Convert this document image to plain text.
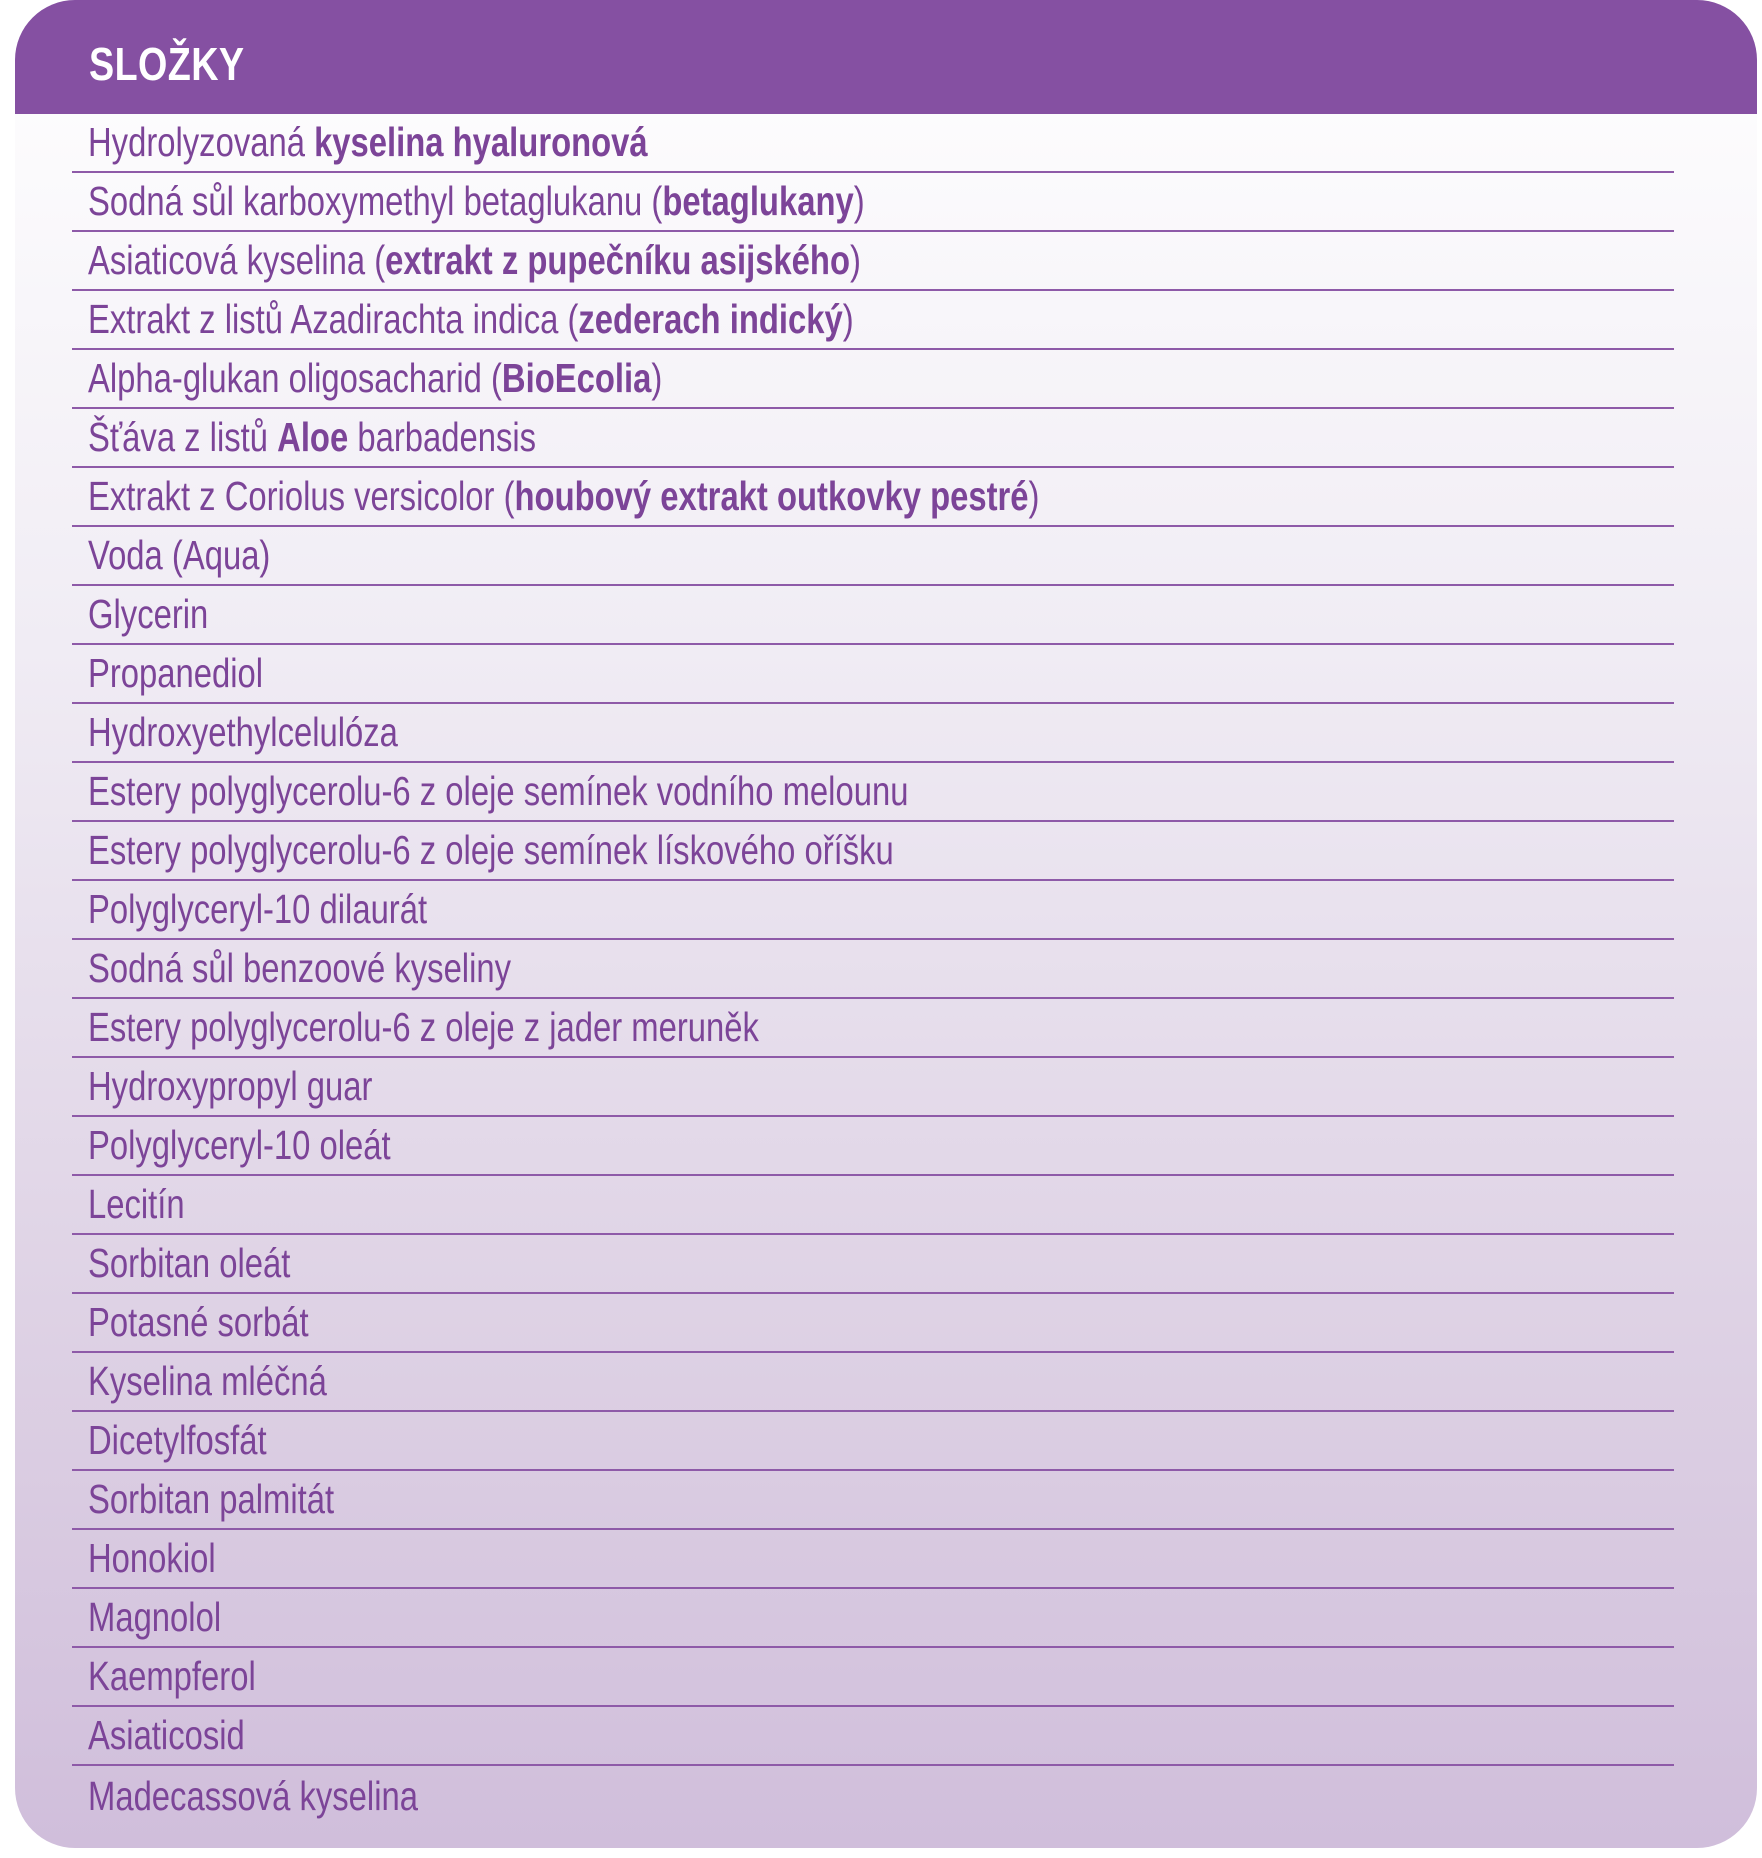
SLOŽKY
Hydrolyzovaná kyselina hyaluronová
Sodná sůl karboxymethyl betaglukanu (betaglukany)
Asiaticová kyselina (extrakt z pupečníku asijského)
Extrakt z listů Azadirachta indica (zederach indický)
Alpha-glukan oligosacharid (BioEcolia)
Šťáva z listů Aloe barbadensis
Extrakt z Coriolus versicolor (houbový extrakt outkovky pestré)
Voda (Aqua)
Glycerin
Propanediol
Hydroxyethylcelulóza
Estery polyglycerolu-6 z oleje semínek vodního melounu
Estery polyglycerolu-6 z oleje semínek lískového oříšku
Polyglyceryl-10 dilaurát
Sodná sůl benzoové kyseliny
Estery polyglycerolu-6 z oleje z jader meruněk
Hydroxypropyl guar
Polyglyceryl-10 oleát
Lecitín
Sorbitan oleát
Potasné sorbát
Kyselina mléčná
Dicetylfosfát
Sorbitan palmitát
Honokiol
Magnolol
Kaempferol
Asiaticosid
Madecassová kyselina
